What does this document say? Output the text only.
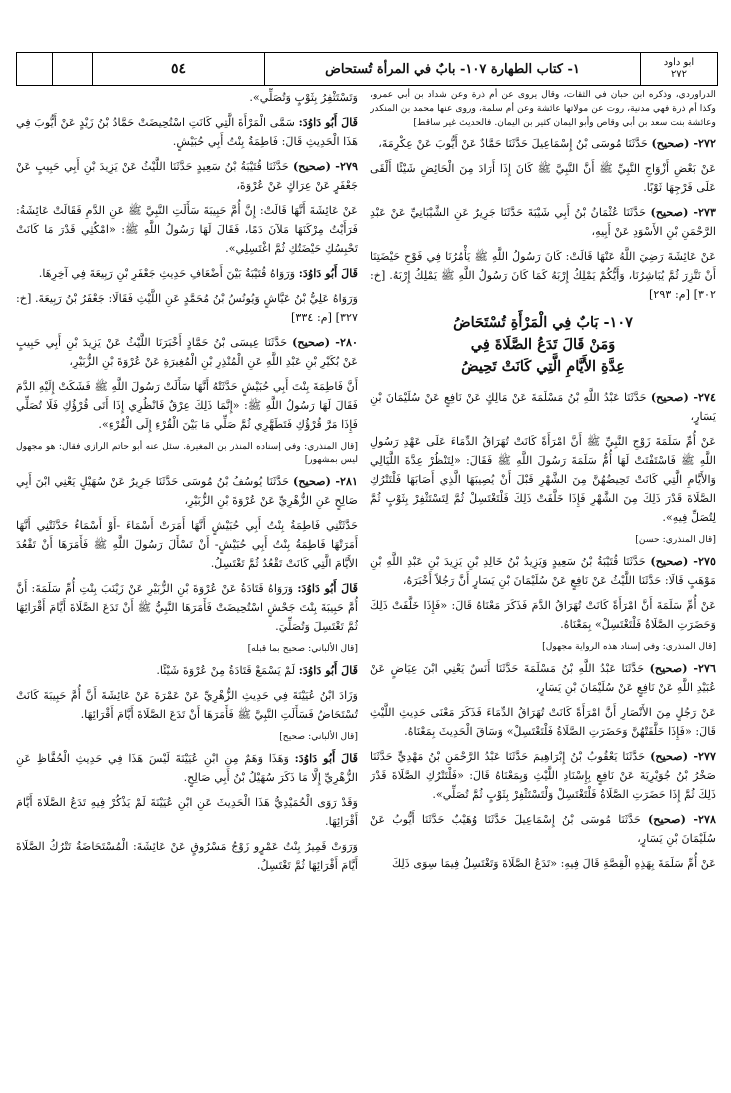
٥٤	١- كتاب الطهارة ١٠٧- بابٌ في المرأة تُستحاض	ابو داود
٢٧٢

الدراوردي، وذكره ابن حبان في الثقات، وقال يروى عن أم ذرة وعن شداد بن أبي عمرو، وكذا أم ذرة فهي مدنية، روت عن مولاتها عائشة وعن أم سلمة، وروى عنها محمد بن المنكدر وعائشة بنت سعد بن أبي وقاص وأبو اليمان كثير بن اليمان. فالحديث غير ساقط]

٢٧٢- (صحيح) حَدَّثَنَا مُوسَى بْنُ إِسْمَاعِيلَ حَدَّثَنَا حَمَّادٌ عَنْ أَيُّوبَ عَنْ عِكْرِمَةَ،

عَنْ بَعْضِ أَزْوَاجِ النَّبِيِّ ﷺ أَنَّ النَّبِيَّ ﷺ كَانَ إِذَا أَرَادَ مِنَ الْحَائِضِ شَيْئًا أَلْقَى عَلَى فَرْجِهَا ثَوْبًا.

٢٧٣- (صحيح) حَدَّثَنَا عُثْمَانُ بْنُ أَبِي شَيْبَةَ حَدَّثَنَا جَرِيرٌ عَنِ الشَّيْبَانِيِّ عَنْ عَبْدِ الرَّحْمَنِ بْنِ الأَسْوَدِ عَنْ أَبِيهِ،

عَنْ عَائِشَةَ رَضِيَ اللَّهُ عَنْهَا قَالَتْ: كَانَ رَسُولُ اللَّهِ ﷺ يَأْمُرُنَا فِي فَوْحِ حَيْضَتِنَا أَنْ نَتَّزِرَ ثُمَّ يُبَاشِرُنَا، وَأَيُّكُمْ يَمْلِكُ إِرْبَهُ كَمَا كَانَ رَسُولُ اللَّهِ ﷺ يَمْلِكُ إِرْبَهُ. [خ: ٣٠٢] [م: ٢٩٣]

١٠٧- بَابٌ فِي الْمَرْأَةِ تُسْتَحَاضُ
وَمَنْ قَالَ تَدَعُ الصَّلَاةَ فِي
عِدَّةِ الأَيَّامِ الَّتِي كَانَتْ تَحِيضُ

٢٧٤- (صحيح) حَدَّثَنَا عَبْدُ اللَّهِ بْنُ مَسْلَمَةَ عَنْ مَالِكٍ عَنْ نَافِعٍ عَنْ سُلَيْمَانَ بْنِ يَسَارٍ،

عَنْ أُمِّ سَلَمَةَ زَوْجِ النَّبِيِّ ﷺ أَنَّ امْرَأَةً كَانَتْ تُهَرَاقُ الدِّمَاءَ عَلَى عَهْدِ رَسُولِ اللَّهِ ﷺ فَاسْتَفْتَتْ لَهَا أُمُّ سَلَمَةَ رَسُولَ اللَّهِ ﷺ فَقَالَ: «لِتَنْظُرْ عِدَّةَ اللَّيَالِي وَالأَيَّامِ الَّتِي كَانَتْ تَحِيضُهُنَّ مِنَ الشَّهْرِ قَبْلَ أَنْ يُصِيبَهَا الَّذِي أَصَابَهَا فَلْتَتْرُكِ الصَّلَاةَ قَدْرَ ذَلِكَ مِنَ الشَّهْرِ فَإِذَا خَلَّفَتْ ذَلِكَ فَلْتَغْتَسِلْ ثُمَّ لِتَسْتَثْفِرْ بِثَوْبٍ ثُمَّ لِتُصَلِّ فِيهِ».

[قال المنذري: حسن]

٢٧٥- (صحيح) حَدَّثَنَا قُتَيْبَةُ بْنُ سَعِيدٍ وَيَزِيدُ بْنُ خَالِدِ بْنِ يَزِيدَ بْنِ عَبْدِ اللَّهِ بْنِ مَوْهَبٍ قَالَا: حَدَّثَنَا اللَّيْثُ عَنْ نَافِعٍ عَنْ سُلَيْمَانَ بْنِ يَسَارٍ أَنَّ رَجُلاً أَخْبَرَهُ،

عَنْ أُمِّ سَلَمَةَ أَنَّ امْرَأَةً كَانَتْ تُهَرَاقُ الدَّمَ فَذَكَرَ مَعْنَاهُ قَالَ: «فَإِذَا خَلَّفَتْ ذَلِكَ وَحَضَرَتِ الصَّلَاةُ فَلْتَغْتَسِلْ» بِمَعْنَاهُ.

[قال المنذري: وفي إسناد هذه الرواية مجهول]

٢٧٦- (صحيح) حَدَّثَنَا عَبْدُ اللَّهِ بْنُ مَسْلَمَةَ حَدَّثَنَا أَنَسٌ يَعْنِي ابْنَ عِيَاضٍ عَنْ عُبَيْدِ اللَّهِ عَنْ نَافِعٍ عَنْ سُلَيْمَانَ بْنِ يَسَارٍ،

عَنْ رَجُلٍ مِنَ الأَنْصَارِ أَنَّ امْرَأَةً كَانَتْ تُهَرَاقُ الدِّمَاءَ فَذَكَرَ مَعْنَى حَدِيثِ اللَّيْثِ قَالَ: «فَإِذَا خَلَّفَتْهُنَّ وَحَضَرَتِ الصَّلَاةُ فَلْتَغْتَسِلْ» وَسَاقَ الْحَدِيثَ بِمَعْنَاهُ.

٢٧٧- (صحيح) حَدَّثَنَا يَعْقُوبُ بْنُ إِبْرَاهِيمَ حَدَّثَنَا عَبْدُ الرَّحْمَنِ بْنُ مَهْدِيٍّ حَدَّثَنَا صَخْرُ بْنُ جُوَيْرِيَةَ عَنْ نَافِعٍ بِإِسْنَادِ اللَّيْثِ وَبِمَعْنَاهُ قَالَ: «فَلْتَتْرُكِ الصَّلَاةَ قَدْرَ ذَلِكَ ثُمَّ إِذَا حَضَرَتِ الصَّلَاةُ فَلْتَغْتَسِلْ وَلْتَسْتَثْفِرْ بِثَوْبٍ ثُمَّ تُصَلِّي».

٢٧٨- (صحيح) حَدَّثَنَا مُوسَى بْنُ إِسْمَاعِيلَ حَدَّثَنَا وُهَيْبٌ حَدَّثَنَا أَيُّوبُ عَنْ سُلَيْمَانَ بْنِ يَسَارٍ،

عَنْ أُمِّ سَلَمَةَ بِهَذِهِ الْقِصَّةِ قَالَ فِيهِ: «تَدَعُ الصَّلَاةَ وَتَغْتَسِلُ فِيمَا سِوَى ذَلِكَ

وَتَسْتَثْفِرُ بِثَوْبٍ وَتُصَلِّي».

قَالَ أَبُو دَاوُدَ: سَمَّى الْمَرْأَةَ الَّتِي كَانَتِ اسْتُحِيضَتْ حَمَّادُ بْنُ زَيْدٍ عَنْ أَيُّوبَ فِي هَذَا الْحَدِيثِ قَالَ: فَاطِمَةُ بِنْتُ أَبِي حُبَيْشٍ.

٢٧٩- (صحيح) حَدَّثَنَا قُتَيْبَةُ بْنُ سَعِيدٍ حَدَّثَنَا اللَّيْثُ عَنْ يَزِيدَ بْنِ أَبِي حَبِيبٍ عَنْ جَعْفَرٍ عَنْ عِرَاكٍ عَنْ عُرْوَةَ،

عَنْ عَائِشَةَ أَنَّهَا قَالَتْ: إِنَّ أُمَّ حَبِيبَةَ سَأَلَتِ النَّبِيَّ ﷺ عَنِ الدَّمِ فَقَالَتْ عَائِشَةُ: فَرَأَيْتُ مِرْكَنَهَا مَلآنَ دَمًا، فَقَالَ لَهَا رَسُولُ اللَّهِ ﷺ: «امْكُثِي قَدْرَ مَا كَانَتْ تَحْبِسُكِ حَيْضَتُكِ ثُمَّ اغْتَسِلِي».

قَالَ أَبُو دَاوُدَ: وَرَوَاهُ قُتَيْبَةُ بَيْنَ أَضْعَافِ حَدِيثِ جَعْفَرِ بْنِ رَبِيعَةَ فِي آخِرِهَا.

وَرَوَاهُ عَلِيُّ بْنُ عَيَّاشٍ وَيُونُسُ بْنُ مُحَمَّدٍ عَنِ اللَّيْثِ فَقَالَا: جَعْفَرُ بْنُ رَبِيعَةَ. [خ: ٣٢٧] [م: ٣٣٤]

٢٨٠- (صحيح) حَدَّثَنَا عِيسَى بْنُ حَمَّادٍ أَخْبَرَنَا اللَّيْثُ عَنْ يَزِيدَ بْنِ أَبِي حَبِيبٍ عَنْ بُكَيْرِ بْنِ عَبْدِ اللَّهِ عَنِ الْمُنْذِرِ بْنِ الْمُغِيرَةِ عَنْ عُرْوَةَ بْنِ الزُّبَيْرِ،

أَنَّ فَاطِمَةَ بِنْتَ أَبِي حُبَيْشٍ حَدَّثَتْهُ أَنَّهَا سَأَلَتْ رَسُولَ اللَّهِ ﷺ فَشَكَتْ إِلَيْهِ الدَّمَ فَقَالَ لَهَا رَسُولُ اللَّهِ ﷺ: «إِنَّمَا ذَلِكَ عِرْقٌ فَانْظُرِي إِذَا أَتَى قُرْؤُكِ فَلَا تُصَلِّي فَإِذَا مَرَّ قُرْؤُكِ فَتَطَهَّرِي ثُمَّ صَلِّي مَا بَيْنَ الْقُرْءِ إِلَى الْقُرْءِ».

[قال المنذري: وفي إسناده المنذر بن المغيرة. سئل عنه أبو حاتم الرازي فقال: هو مجهول ليس بمشهور]

٢٨١- (صحيح) حَدَّثَنَا يُوسُفُ بْنُ مُوسَى حَدَّثَنَا جَرِيرٌ عَنْ سُهَيْلٍ يَعْنِي ابْنَ أَبِي صَالِحٍ عَنِ الزُّهْرِيِّ عَنْ عُرْوَةَ بْنِ الزُّبَيْرِ،

حَدَّثَتْنِي فَاطِمَةُ بِنْتُ أَبِي حُبَيْشٍ أَنَّهَا أَمَرَتْ أَسْمَاءَ -أَوْ أَسْمَاءُ حَدَّثَتْنِي أَنَّهَا أَمَرَتْهَا فَاطِمَةُ بِنْتُ أَبِي حُبَيْشٍ- أَنْ تَسْأَلَ رَسُولَ اللَّهِ ﷺ فَأَمَرَهَا أَنْ تَقْعُدَ الأَيَّامَ الَّتِي كَانَتْ تَقْعُدُ ثُمَّ تَغْتَسِلُ.

قَالَ أَبُو دَاوُدَ: وَرَوَاهُ قَتَادَةُ عَنْ عُرْوَةَ بْنِ الزُّبَيْرِ عَنْ زَيْنَبَ بِنْتِ أُمِّ سَلَمَةَ: أَنَّ أُمَّ حَبِيبَةَ بِنْتَ جَحْشٍ اسْتُحِيضَتْ فَأَمَرَهَا النَّبِيُّ ﷺ أَنْ تَدَعَ الصَّلَاةَ أَيَّامَ أَقْرَائِهَا ثُمَّ تَغْتَسِلَ وَتُصَلِّيَ.

[قال الألباني: صحيح بما قبله]

قَالَ أَبُو دَاوُدَ: لَمْ يَسْمَعْ قَتَادَةُ مِنْ عُرْوَةَ شَيْئًا.

وَزَادَ ابْنُ عُيَيْنَةَ فِي حَدِيثِ الزُّهْرِيِّ عَنْ عَمْرَةَ عَنْ عَائِشَةَ أَنَّ أُمَّ حَبِيبَةَ كَانَتْ تُسْتَحَاضُ فَسَأَلَتِ النَّبِيَّ ﷺ فَأَمَرَهَا أَنْ تَدَعَ الصَّلَاةَ أَيَّامَ أَقْرَائِهَا.

[قال الألباني: صحيح]

قَالَ أَبُو دَاوُدَ: وَهَذَا وَهَمٌ مِنِ ابْنِ عُيَيْنَةَ لَيْسَ هَذَا فِي حَدِيثِ الْحُفَّاظِ عَنِ الزُّهْرِيِّ إِلَّا مَا ذَكَرَ سُهَيْلُ بْنُ أَبِي صَالِحٍ.

وَقَدْ رَوَى الْحُمَيْدِيُّ هَذَا الْحَدِيثَ عَنِ ابْنِ عُيَيْنَةَ لَمْ يَذْكُرْ فِيهِ تَدَعُ الصَّلَاةَ أَيَّامَ أَقْرَائِهَا.

وَرَوَتْ قَمِيرُ بِنْتُ عَمْرٍو زَوْجُ مَسْرُوقٍ عَنْ عَائِشَةَ: الْمُسْتَحَاضَةُ تَتْرُكُ الصَّلَاةَ أَيَّامَ أَقْرَائِهَا ثُمَّ تَغْتَسِلُ.
